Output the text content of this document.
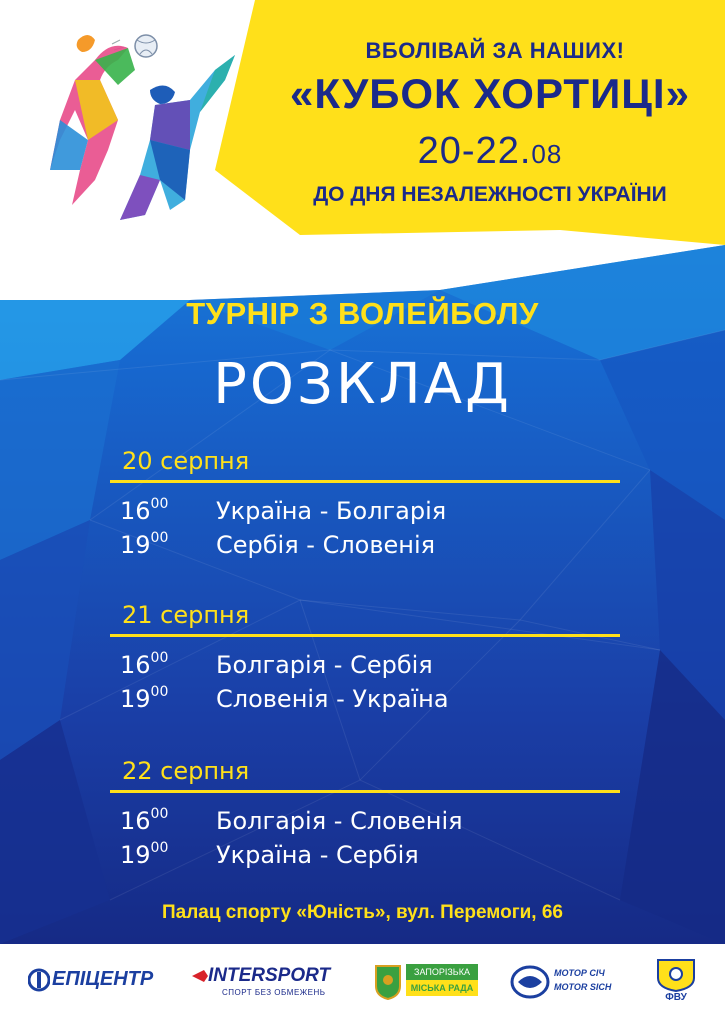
ВБОЛІВАЙ ЗА НАШИХ!
«КУБОК ХОРТИЦІ»
20-22.08
ДО ДНЯ НЕЗАЛЕЖНОСТІ УКРАЇНИ
МІЖНАРОДНИЙ ЧОЛОВІЧИЙ
ТУРНІР З ВОЛЕЙБОЛУ
РОЗКЛАД
20 серпня
$16^{00}$ Україна - Болгарія
$19^{00}$ Сербія - Словенія
21 серпня
$16^{00}$ Болгарія - Сербія
$19^{00}$ Словенія - Україна
22 серпня
$16^{00}$ Болгарія - Словенія
$19^{00}$ Україна - Сербія
Палац спорту «Юність», вул. Перемоги, 66
ЕПІЦЕНТР	INTERSPORT
СПОРТ БЕЗ ОБМЕЖЕНЬ
ЗАПОРІЗЬКА
МІСЬКА РАДА
МОТОР СІЧ
MOTOR SICH
ФВУ
